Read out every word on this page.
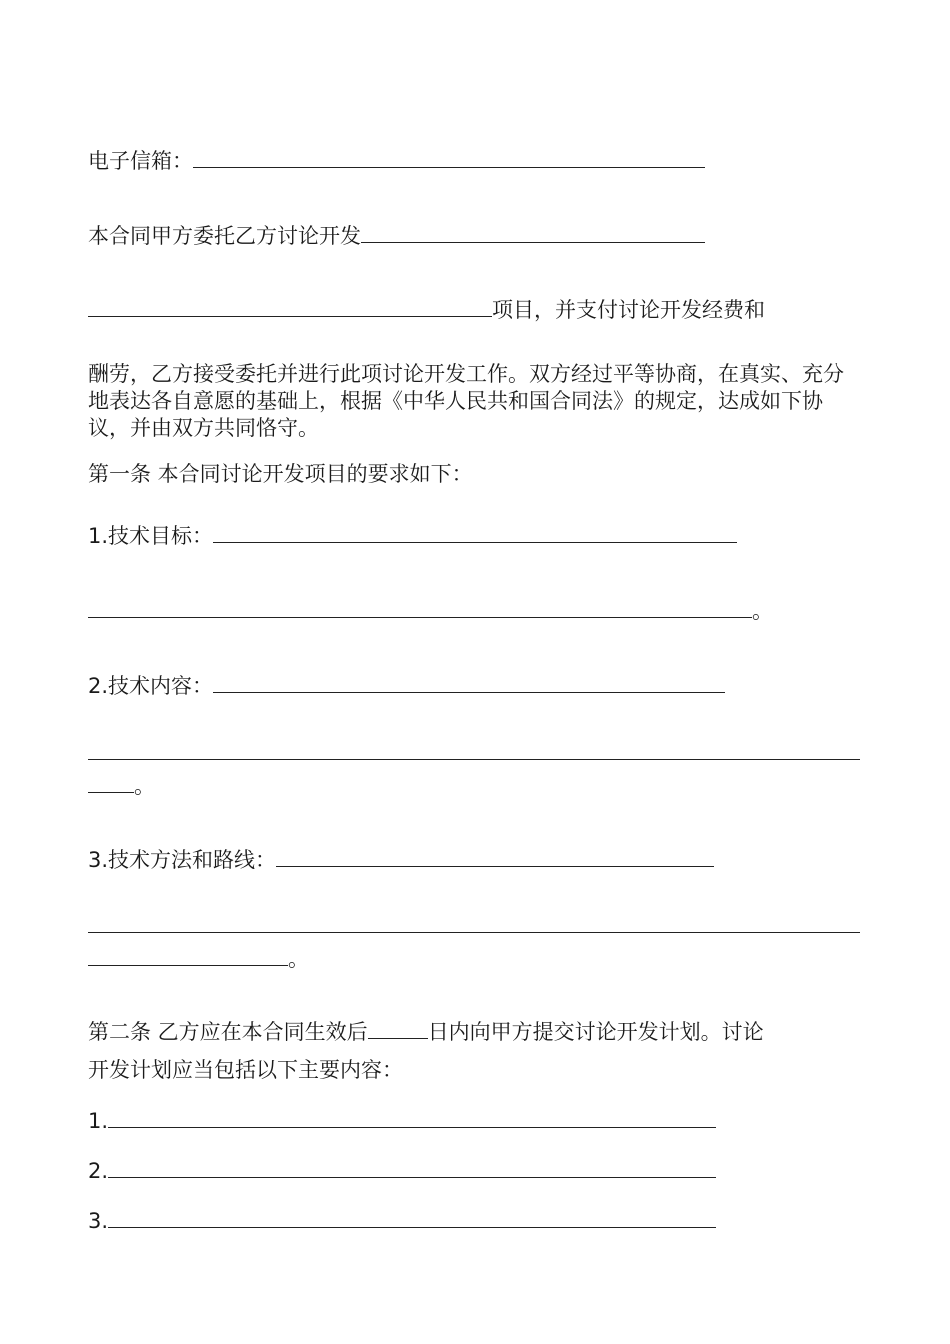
电子信箱：
本合同甲方委托乙方讨论开发
项目，并支付讨论开发经费和
酬劳，乙方接受委托并进行此项讨论开发工作。双方经过平等协商，在真实、充分地表达各自意愿的基础上，根据《中华人民共和国合同法》的规定，达成如下协议，并由双方共同恪守。
第一条 本合同讨论开发项目的要求如下：
1.技术目标：
。
2.技术内容：
。
3.技术方法和路线：
。
第二条 乙方应在本合同生效后	日内向甲方提交讨论开发计划。讨论
开发计划应当包括以下主要内容：
1.
2.
3.
